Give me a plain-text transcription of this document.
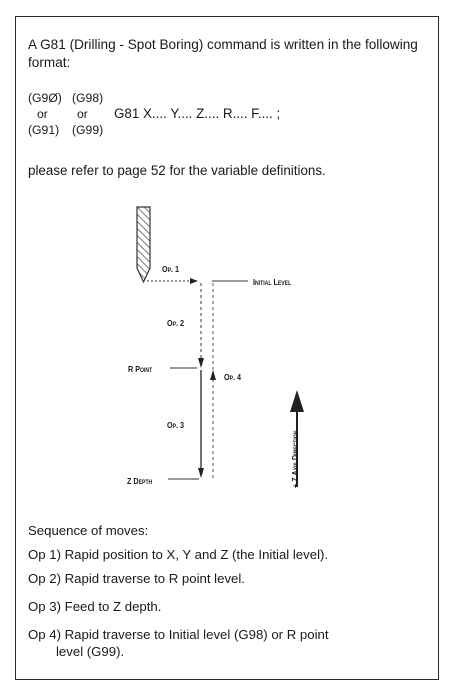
A G81 (Drilling - Spot Boring) command is written in the following format:
(G9Ø) (G98)
or or G81 X.... Y.... Z.... R.... F.... ;
(G91) (G99)
please refer to page 52 for the variable definitions.
Op. 1
Initial Level
Op. 2
R Point
Op. 4
Op. 3
Z Depth	+ Z Axis Direction
Sequence of moves:
Op 1) Rapid position to X, Y and Z (the Initial level).
Op 2) Rapid traverse to R point level.
Op 3) Feed to Z depth.
Op 4) Rapid traverse to Initial level (G98) or R point
level (G99).
